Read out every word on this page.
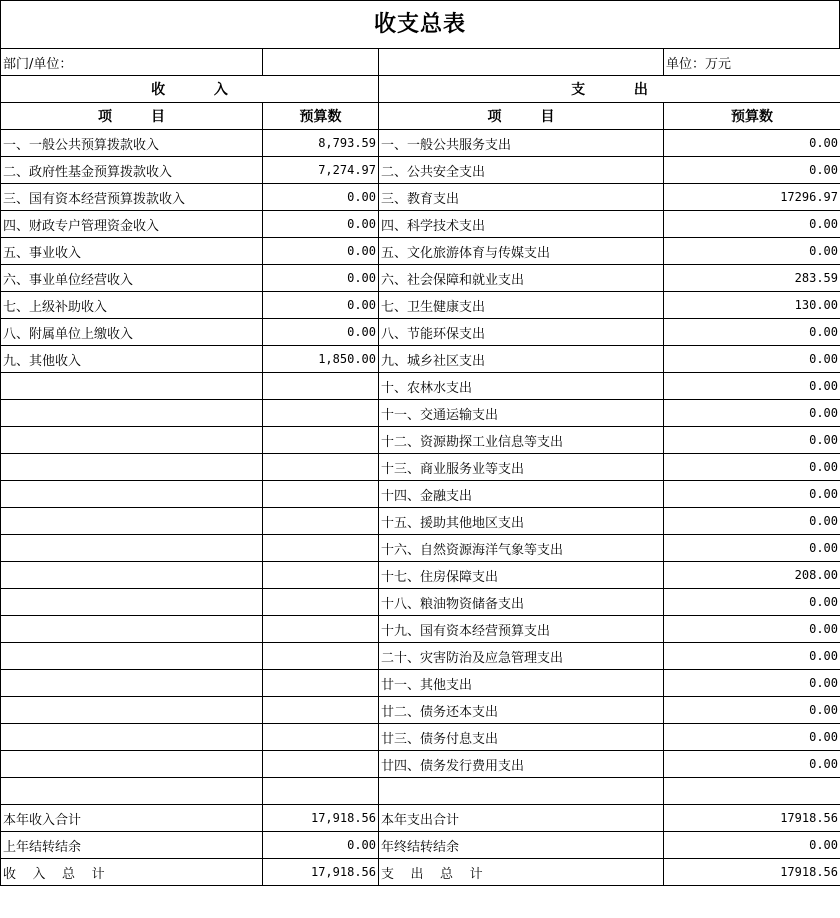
收支总表
部门/单位：			单位：万元
收          入		支          出	
项        目	预算数	项        目	预算数
一、一般公共预算拨款收入	8,793.59	一、一般公共服务支出	0.00
二、政府性基金预算拨款收入	7,274.97	二、公共安全支出	0.00
三、国有资本经营预算拨款收入	0.00	三、教育支出	17296.97
四、财政专户管理资金收入	0.00	四、科学技术支出	0.00
五、事业收入	0.00	五、文化旅游体育与传媒支出	0.00
六、事业单位经营收入	0.00	六、社会保障和就业支出	283.59
七、上级补助收入	0.00	七、卫生健康支出	130.00
八、附属单位上缴收入	0.00	八、节能环保支出	0.00
九、其他收入	1,850.00	九、城乡社区支出	0.00
		十、农林水支出	0.00
		十一、交通运输支出	0.00
		十二、资源勘探工业信息等支出	0.00
		十三、商业服务业等支出	0.00
		十四、金融支出	0.00
		十五、援助其他地区支出	0.00
		十六、自然资源海洋气象等支出	0.00
		十七、住房保障支出	208.00
		十八、粮油物资储备支出	0.00
		十九、国有资本经营预算支出	0.00
		二十、灾害防治及应急管理支出	0.00
		廿一、其他支出	0.00
		廿二、债务还本支出	0.00
		廿三、债务付息支出	0.00
		廿四、债务发行费用支出	0.00

本年收入合计	17,918.56	本年支出合计	17918.56
上年结转结余	0.00	年终结转结余	0.00
收    入    总    计	17,918.56	支    出    总    计	17918.56
